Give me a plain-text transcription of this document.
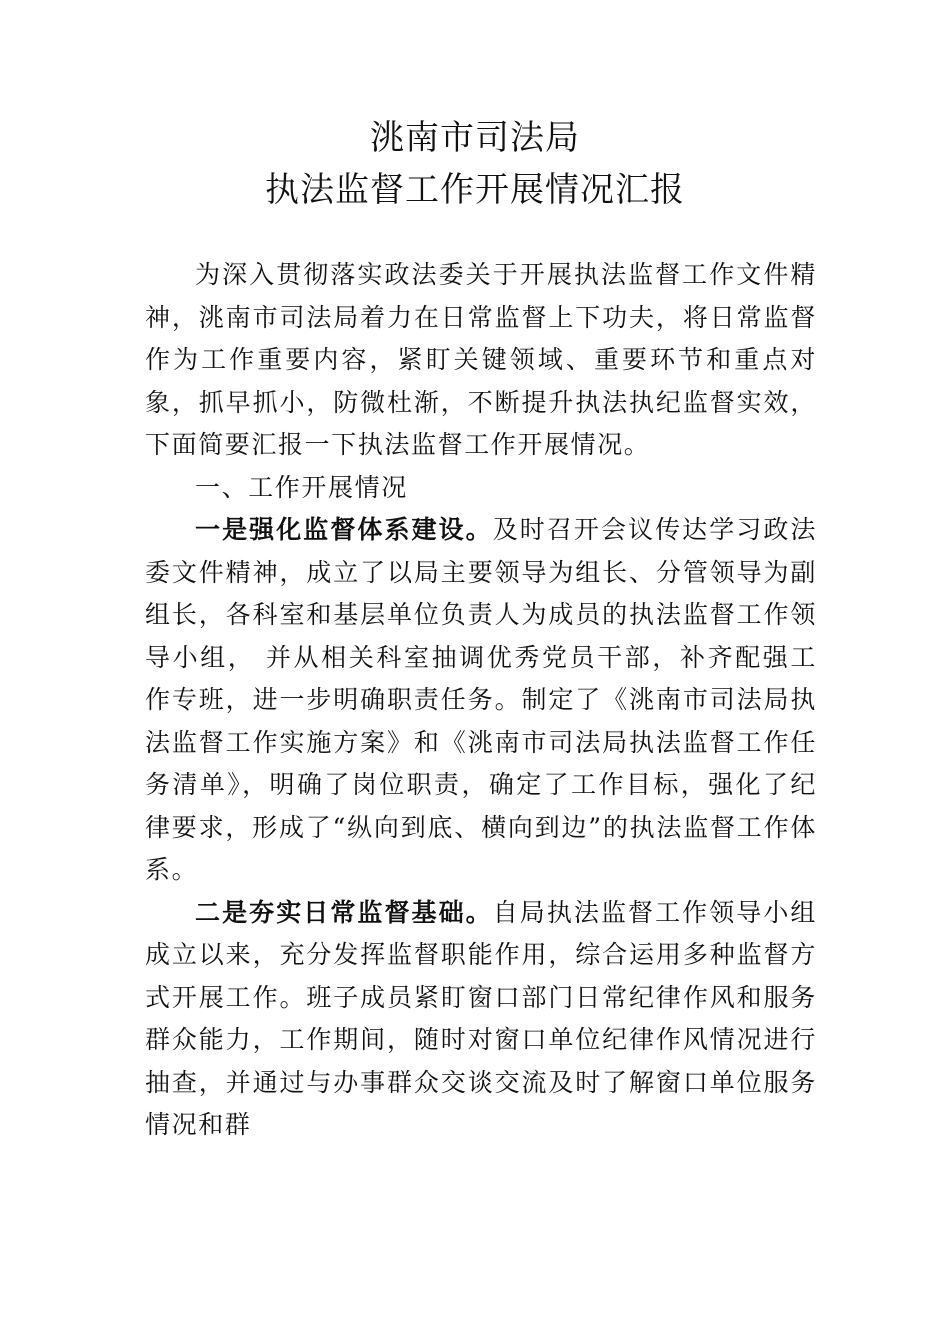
洮南市司法局
执法监督工作开展情况汇报

为深入贯彻落实政法委关于开展执法监督工作文件精神，洮南市司法局着力在日常监督上下功夫，将日常监督作为工作重要内容，紧盯关键领域、重要环节和重点对象，抓早抓小，防微杜渐，不断提升执法执纪监督实效，下面简要汇报一下执法监督工作开展情况。

一、工作开展情况

一是强化监督体系建设。及时召开会议传达学习政法委文件精神，成立了以局主要领导为组长、分管领导为副组长，各科室和基层单位负责人为成员的执法监督工作领导小组， 并从相关科室抽调优秀党员干部，补齐配强工作专班，进一步明确职责任务。制定了《洮南市司法局执法监督工作实施方案》和《洮南市司法局执法监督工作任务清单》，明确了岗位职责，确定了工作目标，强化了纪律要求，形成了“纵向到底、横向到边”的执法监督工作体系。

二是夯实日常监督基础。自局执法监督工作领导小组成立以来，充分发挥监督职能作用，综合运用多种监督方式开展工作。班子成员紧盯窗口部门日常纪律作风和服务群众能力，工作期间，随时对窗口单位纪律作风情况进行抽查，并通过与办事群众交谈交流及时了解窗口单位服务情况和群
